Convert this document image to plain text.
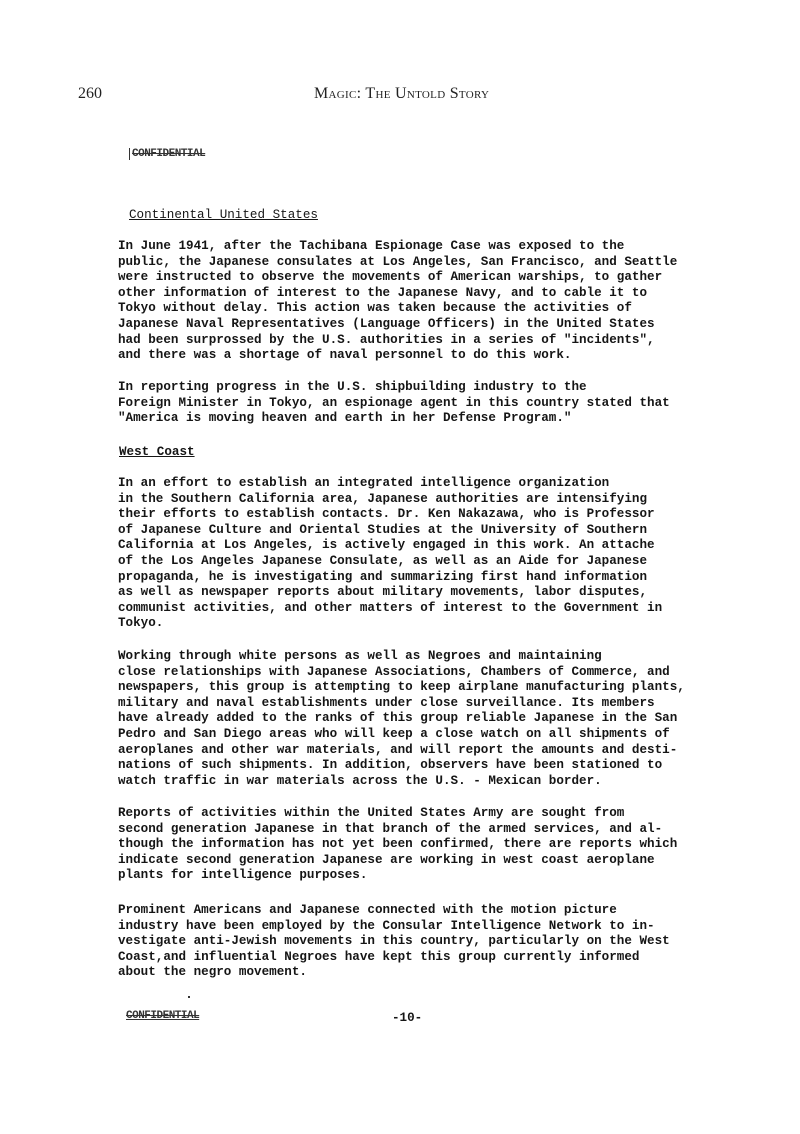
260	Magic: The Untold Story
CONFIDENTIAL
Continental United States

In June 1941, after the Tachibana Espionage Case was exposed to the
public, the Japanese consulates at Los Angeles, San Francisco, and Seattle
were instructed to observe the movements of American warships, to gather
other information of interest to the Japanese Navy, and to cable it to
Tokyo without delay. This action was taken because the activities of
Japanese Naval Representatives (Language Officers) in the United States
had been surprossed by the U.S. authorities in a series of "incidents",
and there was a shortage of naval personnel to do this work.

In reporting progress in the U.S. shipbuilding industry to the
Foreign Minister in Tokyo, an espionage agent in this country stated that
"America is moving heaven and earth in her Defense Program."

West Coast

In an effort to establish an integrated intelligence organization
in the Southern California area, Japanese authorities are intensifying
their efforts to establish contacts. Dr. Ken Nakazawa, who is Professor
of Japanese Culture and Oriental Studies at the University of Southern
California at Los Angeles, is actively engaged in this work. An attache
of the Los Angeles Japanese Consulate, as well as an Aide for Japanese
propaganda, he is investigating and summarizing first hand information
as well as newspaper reports about military movements, labor disputes,
communist activities, and other matters of interest to the Government in
Tokyo.

Working through white persons as well as Negroes and maintaining
close relationships with Japanese Associations, Chambers of Commerce, and
newspapers, this group is attempting to keep airplane manufacturing plants,
military and naval establishments under close surveillance. Its members
have already added to the ranks of this group reliable Japanese in the San
Pedro and San Diego areas who will keep a close watch on all shipments of
aeroplanes and other war materials, and will report the amounts and desti-
nations of such shipments. In addition, observers have been stationed to
watch traffic in war materials across the U.S. - Mexican border.

Reports of activities within the United States Army are sought from
second generation Japanese in that branch of the armed services, and al-
though the information has not yet been confirmed, there are reports which
indicate second generation Japanese are working in west coast aeroplane
plants for intelligence purposes.

Prominent Americans and Japanese connected with the motion picture
industry have been employed by the Consular Intelligence Network to in-
vestigate anti-Jewish movements in this country, particularly on the West
Coast,and influential Negroes have kept this group currently informed
about the negro movement.

CONFIDENTIAL	-10-
